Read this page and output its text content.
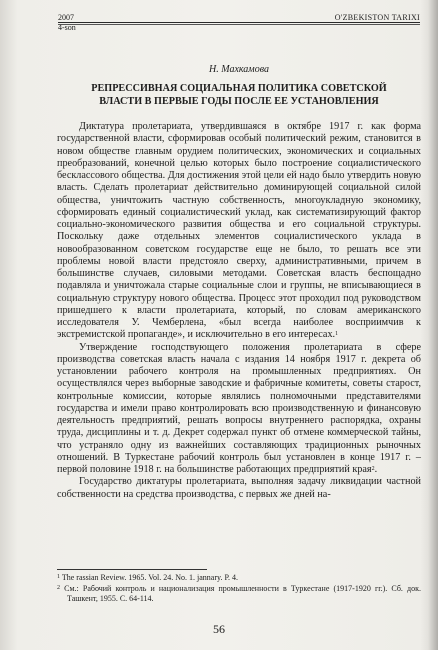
2007
4-son
O'ZBEKISTON TARIXI
Н. Махкамова
РЕПРЕССИВНАЯ СОЦИАЛЬНАЯ ПОЛИТИКА СОВЕТСКОЙ
ВЛАСТИ В ПЕРВЫЕ ГОДЫ ПОСЛЕ ЕЕ УСТАНОВЛЕНИЯ

Диктатура пролетариата, утвердившаяся в октябре 1917 г. как форма государственной власти, сформировав особый политический режим, становится в новом обществе главным орудием политических, экономических и социальных преобразований, конечной целью которых было построение социалистического бесклассового общества. Для достижения этой цели ей надо было утвердить новую власть. Сделать пролетариат действительно доминирующей социальной силой общества, уничтожить частную собственность, многоукладную экономику, сформировать единый социалистический уклад, как систематизирующий фактор социально-экономического развития общества и его социальной структуры. Поскольку даже отдельных элементов социалистического уклада в новообразованном советском государстве еще не было, то решать все эти проблемы новой власти предстояло сверху, административными, причем в большинстве случаев, силовыми методами. Советская власть беспощадно подавляла и уничтожала старые социальные слои и группы, не вписывающиеся в социальную структуру нового общества. Процесс этот проходил под руководством пришедшего к власти пролетариата, который, по словам американского исследователя У. Чемберлена, «был всегда наиболее восприимчив к экстремистской пропаганде», и исключительно в его интересах.$^1$

Утверждение господствующего положения пролетариата в сфере производства советская власть начала с издания 14 ноября 1917 г. декрета об установлении рабочего контроля на промышленных предприятиях. Он осуществлялся через выборные заводские и фабричные комитеты, советы старост, контрольные комиссии, которые являлись полномочными представителями государства и имели право контролировать всю производственную и финансовую деятельность предприятий, решать вопросы внутреннего распорядка, охраны труда, дисциплины и т. д. Декрет содержал пункт об отмене коммерческой тайны, что устраняло одну из важнейших составляющих традиционных рыночных отношений. В Туркестане рабочий контроль был установлен в конце 1917 г. – первой половине 1918 г. на большинстве работающих предприятий края$^2$.

Государство диктатуры пролетариата, выполняя задачу ликвидации частной собственности на средства производства, с первых же дней на-

$^1$ The rassian Review. 1965. Vol. 24. No. 1. jannary. P. 4.

$^2$ См.: Рабочий контроль и национализация промышленности в Туркестане (1917-1920 гг.). Сб. док. Ташкент, 1955. С. 64-114.

56
